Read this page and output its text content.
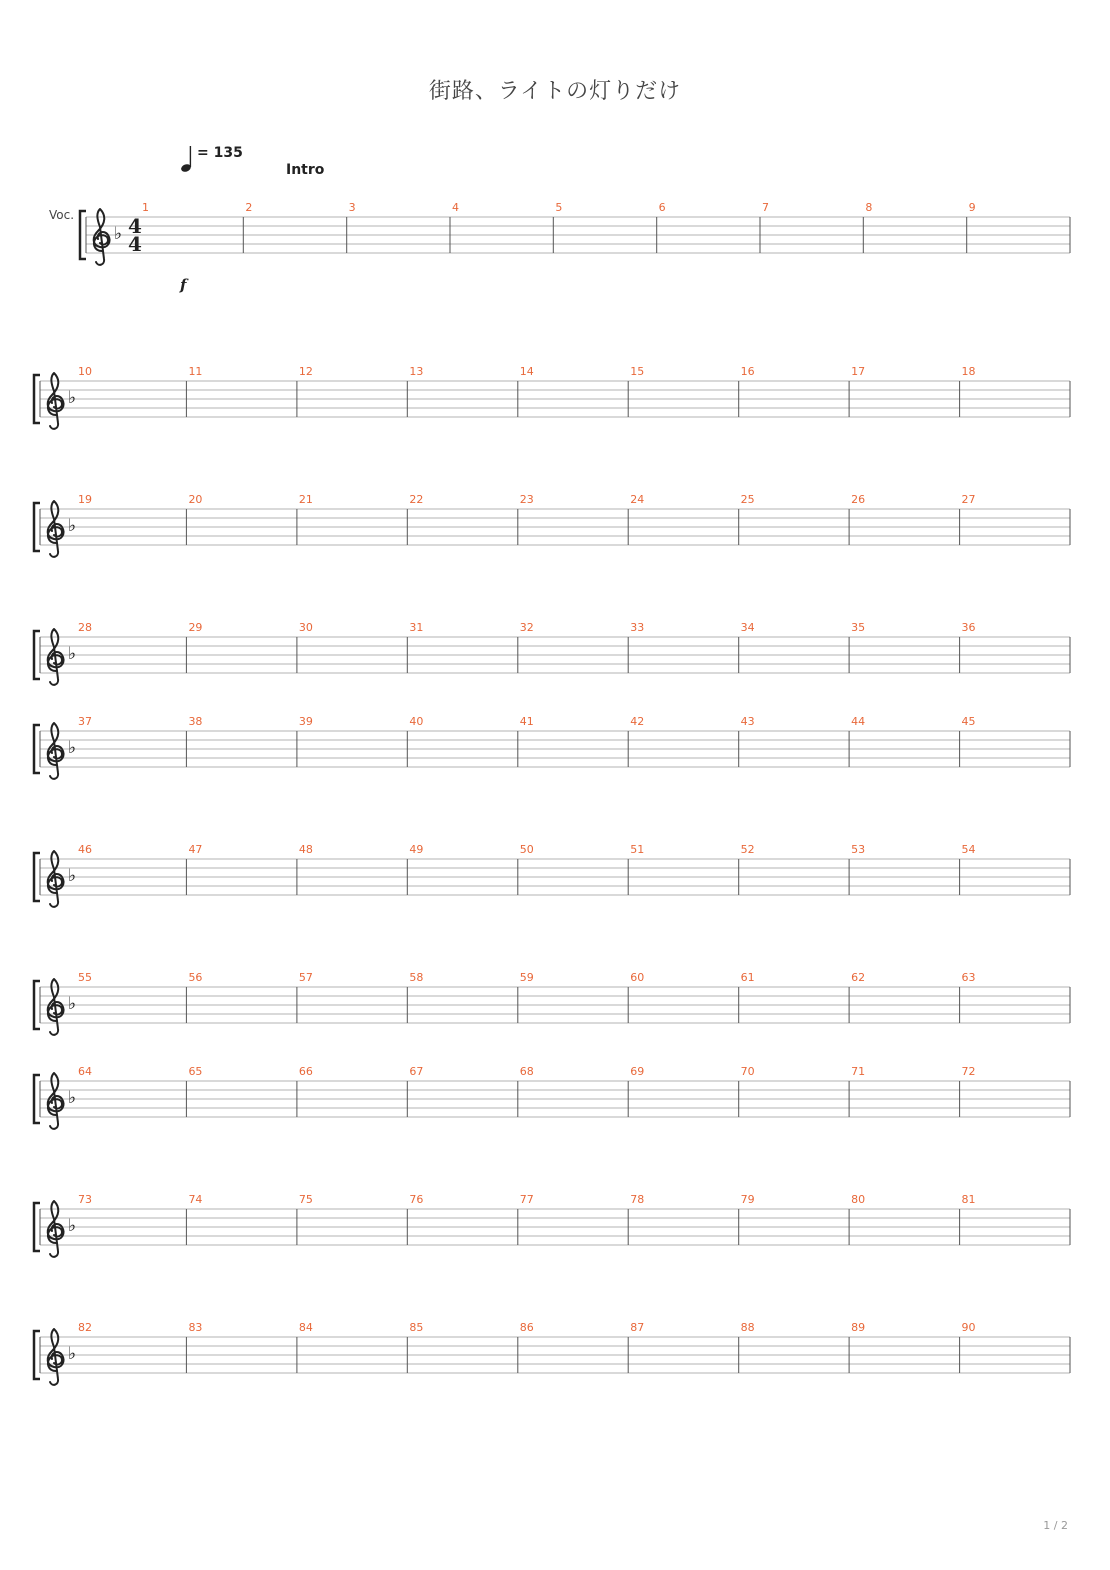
街路、ライトの灯りだけ
= 135
Intro
f
Voc.
♭ 4
4
1	2	3	4	5	6	7	8	9
♭
10	11	12	13	14	15	16	17	18
♭
19	20	21	22	23	24	25	26	27
♭
28	29	30	31	32	33	34	35	36
♭
37	38	39	40	41	42	43	44	45
♭
46	47	48	49	50	51	52	53	54
♭
55	56	57	58	59	60	61	62	63
♭
64	65	66	67	68	69	70	71	72
♭
73	74	75	76	77	78	79	80	81
♭
82	83	84	85	86	87	88	89	90
1 / 2
